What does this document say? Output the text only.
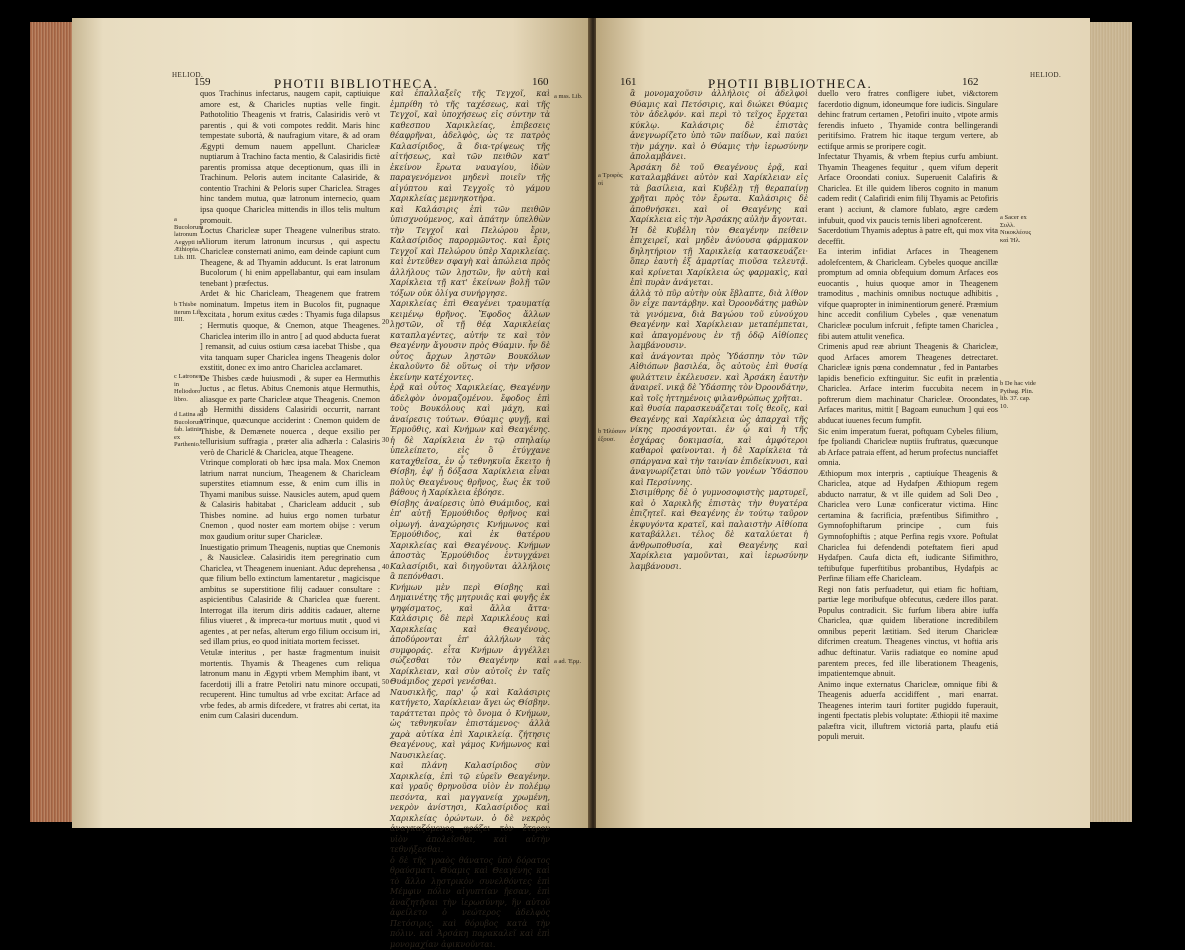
159	PHOTII BIBLIOTHECA.	160
HELIOD.
a Bucolorum latronum Aegypti in Æthiopia. Lib. IIII.
b Thisbe iterum Lib. IIII.
c Latrones in Heliodoro libro.
d Latina ad Bucolorum fab. latinis ex Parthenio.

quos Trachinus infectarus, naugem capit, captiuique amore est, & Charicles nuptias velle fingit. Pathotolitio Theagenis vt fratris, Calasiridis verò vt parentis , qui & voti compotes reddit. Maris hinc tempestate subortà, & naufragium vitare, & ad oram Ægypti demum nauem appellunt. Charicleæ nuptiarum à Trachino facta mentio, & Calasiridis fictè parentis promissa atque deceptionum, quas illi in Trachinum. Peloris autem incitante Calasiride, & contentio Trachini & Peloris super Chariclea. Strages hinc tandem mutua, quæ latronum internecio, quam ipsa quoque Chariclea mittendis in illos telis multum promouit.

Loctus Charicleæ super Theagene vulneribus strato. Aliorum iterum latronum incursus , qui aspectu Charicleæ consternati animo, eam deinde capiunt cum Theagene, & ad Thyamin adducunt. Is erat latronum Bucolorum ( hi enim appellabantur, qui eam insulam tenebant ) præfectus.

Ardet & hic Charicleam, Theagenem que fratrem nominatum. Impetus item in Bucolos fit, pugnaque excitata , horum exitus cædes : Thyamis fuga dilapsus ; Hermutis quoque, & Cnemon, atque Theagenes. Chariclea interim illo in antro [ ad quod abducta fuerat ] remansit, ad cuius ostium cæsa iacebat Thisbe , qua vita tanquam super Chariclea ingens Theagenis dolor exstitit, donec ex imo antro Chariclea acclamaret.

De Thisbes cæde huiusmodi , & super ea Hermuthis luctus , ac fletus. Abitus Cnemonis atque Hermuthis, aliasque ex parte Charicleæ atque Theagenis. Cnemon ab Hermithi dissidens Calasiridi occurrit, narrant vtrinque, quæcunque acciderint : Cnemon quidem de Thisbe, & Demænete nouerca , deque exsilio per tellurisium suffragia , præter alia adhærla : Calasiris verò de Chariclé & Chariclea, atque Theagene.

Vtrinque complorati ob hæc ipsa mala. Mox Cnemon latrium narrat nuncium, Theagenem & Charicleam superstites etiamnum esse, & enim cum illis in Thyami manibus suisse. Nausicles autem, apud quem & Calasiris habitabat , Charicleam adducit , sub Thisbes nomine. ad huius ergo nomen turbatur Cnemon , quod noster eam mortem obijse : verum mox gaudium oritur super Charicleæ.

Inuestigatio primum Theagenis, nuptias que Cnemonis , & Nausicleæ. Calasiridis item peregrinatio cum Chariclea, vt Theagenem inueniant. Aduc deprehensa , quæ filium bello extinctum lamentaretur , magicisque ambitus se superstitione filij cadauer consultare : aspicientibus Calasiride & Chariclea quæ fuerent. Interrogat illa iterum diris additis cadauer, alterne filius viueret , & impreca-tur mortuus mutit , quod vi agentes , at per nefas, alterum ergo filium occisum iri, sed illam prius, eo quod initiata mortem fecisset.

Vetulæ interitus , per hastæ fragmentum inuisit mortentis. Thyamis & Theagenes cum reliqua latronum manu in Ægypti vrbem Memphim ibant, vt facerdotij illi a fratre Petoliri natu minore occupati, recuperent. Hinc tumultus ad vrbe excitat: Arface ad vrbe fedes, ab armis difcedere, vt fratres abi certat, ita enim cum Calasiri ducendum.

20
30
40
50

καὶ ἐπαλλαξεῖς τῆς Τεγχοῖ, καὶ ἐμπρίθη τὸ τῆς ταχέσεως, καὶ τῆς Τεγχοῖ, καὶ ὑποχήσεως εἰς σύντην τὰ καθεσπου Χαρικλείας, ἐπιβεσεις θέαφρῆναι, ἀδελφὸς, ὡς τε πατρὸς Καλασίριδος, ἃ δια-τρίψεως τῆς αἰτήσεως, καὶ τῶν πειθῶν κατ' ἐκείνον ἔρωτα ναυαγίου, ἰδὼν παραγενόμενοι μηδενὶ ποιεῖν τῆς αἰγύπτου καὶ Τεγχοῖς τὸ γάμου Χαρικλείας μεμνηκοτήρα.

καὶ Καλάσιρις ἐπὶ τῶν πειθῶν ὑπισχνούμενος, καὶ ἀπάτην ὑπελθὼν τὴν Τεγχοῖ καὶ Πελώρου ἔριν, Καλασίριδος παρορμῶντος. καὶ ἔρις Τεγχοῖ καὶ Πελώρου ὑπὲρ Χαρικλείας. καὶ ἐντεῦθεν σφαγὴ καὶ ἀπώλεια πρὸς ἀλλήλους τῶν λῃστῶν, ἣν αὐτὴ καὶ Χαρίκλεια τῇ κατ' ἐκείνων βολῇ τῶν τόξων οὐκ ὀλίγα συνήργησε.

Χαρικλείας ἐπὶ Θεαγένει τραυματίᾳ κειμένῳ θρῆνος. Ἔφοδος ἄλλων λῃστῶν, οἳ τῇ θέᾳ Χαρικλείας καταπλαγέντες, αὐτήν τε καὶ τὸν Θεαγένην ἄγουσιν πρὸς Θύαμιν. ἦν δὲ οὗτος ἄρχων λῃστῶν Βουκόλων ἐκαλοῦντο δὲ οὕτως οἱ τὴν νῆσον ἐκείνην κατέχοντες.

ἐρᾷ καὶ οὗτος Χαρικλείας, Θεαγένην ἀδελφὸν ὀνομαζομένου. ἔφοδος ἐπὶ τοὺς Βουκόλους καὶ μάχη, καὶ ἀναίρεσις τούτων. Θύαμις φυγῇ, καὶ Ἐρμοῦθις, καὶ Κνήμων καὶ Θεαγένης. ἡ δὲ Χαρίκλεια ἐν τῷ σπηλαίῳ ὑπελείπετο, εἰς ὃ ἐτύγχανε καταχθεῖσα, ἐν ᾧ τεθνηκυῖα ἔκειτο ἡ Θίσβη, ἐφ' ᾗ δόξασα Χαρίκλεια εἶναι πολὺς Θεαγένους θρῆνος, ἕως ἐκ τοῦ βάθους ἡ Χαρίκλεια ἐβόησε.

Θίσβης ἀναίρεσις ὑπὸ Θυάμιδος, καὶ ἐπ' αὐτῇ Ἐρμούθιδος θρῆνος καὶ οἰμωγή. ἀναχώρησις Κνήμωνος καὶ Ἐρμούθιδος, καὶ ἐκ θατέρου Χαρικλείας καὶ Θεαγένους. Κνήμων ἀποστὰς Ἐρμούθιδος ἐντυγχάνει Καλασίριδι, καὶ διηγοῦνται ἀλλήλοις ἃ πεπόνθασι.

Κνήμων μὲν περὶ Θίσβης καὶ Δημαινέτης τῆς μητρυιᾶς καὶ φυγῆς ἐκ ψηφίσματος, καὶ ἄλλα ἄττα· Καλάσιρις δὲ περὶ Χαρικλέους καὶ Χαρικλείας καὶ Θεαγένους. ἀποδύρονται ἐπ' ἀλλήλων τὰς συμφοράς. εἶτα Κνήμων ἀγγέλλει σώζεσθαι τὸν Θεαγένην καὶ Χαρίκλειαν, καὶ σὺν αὐτοῖς ἐν ταῖς Θυάμιδος χερσὶ γενέσθαι.

Ναυσικλῆς, παρ' ᾧ καὶ Καλάσιρις κατήγετο, Χαρίκλειαν ἄγει ὡς Θίσβην. ταράττεται πρὸς τὸ ὄνομα ὁ Κνήμων, ὡς τεθνηκυῖαν ἐπιστάμενος· ἀλλὰ χαρὰ αὐτίκα ἐπὶ Χαρικλείᾳ. ζήτησις Θεαγένους, καὶ γάμος Κνήμωνος καὶ Ναυσικλείας.

καὶ πλάνη Καλασίριδος σὺν Χαρικλείᾳ, ἐπὶ τῷ εὑρεῖν Θεαγένην. καὶ γραῦς θρηνοῦσα υἱὸν ἐν πολέμῳ πεσόντα, καὶ μαγγανείᾳ χρωμένη, νεκρὸν ἀνίστησι, Καλασίριδος καὶ Χαρικλείας ὁρώντων. ὁ δὲ νεκρὸς ἀναγκαζόμενος φράζει τὸν ἕτερον υἱὸν ἀπολεῖσθαι, καὶ αὐτὴν τεθνήξεσθαι.

ὁ δὲ τῆς γραὸς θάνατος ὑπὸ δόρατος θραύσματι. Θύαμις καὶ Θεαγένης καὶ τὸ ἄλλο λῃστρικὸν συνελθόντες ἐπὶ Μέμφιν πόλιν αἰγυπτίαν ᾔεσαν, ἐπὶ ἀναζητῆσαι τὴν ἱερωσύνην, ἣν αὐτοῦ ἀφείλετο ὁ νεώτερος ἀδελφὸς Πετόσιρις. καὶ θόρυβος κατὰ τὴν πόλιν. καὶ Ἀρσάκη παρακαλεῖ καὶ ἐπὶ μονομαχίαν ἀφικνοῦνται.

a mss. Lib.
a ad. Ἐρμ.
161	PHOTII BIBLIOTHECA.	162
a Τροφὸς οἱ
b Ἠλύσιον ἐξουσ.

ἃ μονομαχοῦσιν ἀλλήλοις οἱ ἀδελφοὶ Θύαμις καὶ Πετόσιρις, καὶ διώκει Θύαμις τὸν ἀδελφόν. καὶ περὶ τὸ τεῖχος ἔρχεται κύκλῳ. Καλάσιρις δὲ ἐπιστὰς ἀνεγνωρίζετο ὑπὸ τῶν παίδων, καὶ παύει τὴν μάχην. καὶ ὁ Θύαμις τὴν ἱερωσύνην ἀπολαμβάνει.

Ἀρσάκη δὲ τοῦ Θεαγένους ἐρᾷ, καὶ καταλαμβάνει αὐτὸν καὶ Χαρίκλειαν εἰς τὰ βασίλεια, καὶ Κυβέλῃ τῇ θεραπαίνῃ χρῆται πρὸς τὸν ἔρωτα. Καλάσιρις δὲ ἀποθνήσκει. καὶ οἱ Θεαγένης καὶ Χαρίκλεια εἰς τὴν Ἀρσάκης αὐλὴν ἄγονται.

Ἡ δὲ Κυβέλη τὸν Θεαγένην πείθειν ἐπιχειρεῖ, καὶ μηδὲν ἀνύουσα φάρμακον δηλητήριον τῇ Χαρικλείᾳ κατασκευάζει· ὅπερ ἑαυτὴ ἐξ ἁμαρτίας πιοῦσα τελευτᾷ. καὶ κρίνεται Χαρίκλεια ὡς φαρμακὶς, καὶ ἐπὶ πυρὰν ἀνάγεται.

ἀλλὰ τὸ πῦρ αὐτὴν οὐκ ἔβλαπτε, διὰ λίθον ὃν εἶχε παντάρβην. καὶ Ὀροονδάτης μαθὼν τὰ γινόμενα, διὰ Βαγώου τοῦ εὐνούχου Θεαγένην καὶ Χαρίκλειαν μεταπέμπεται, καὶ ἀπαγομένους ἐν τῇ ὁδῷ Αἰθίοπες λαμβάνουσιν.

καὶ ἀνάγονται πρὸς Ὑδάσπην τὸν τῶν Αἰθιόπων βασιλέα, ὃς αὐτοὺς ἐπὶ θυσίᾳ φυλάττειν ἐκέλευσεν. καὶ Ἀρσάκη ἑαυτὴν ἀναιρεῖ. νικᾷ δὲ Ὑδάσπης τὸν Ὀροονδάτην, καὶ τοῖς ἡττημένοις φιλανθρώπως χρῆται.

καὶ θυσία παρασκευάζεται τοῖς θεοῖς, καὶ Θεαγένης καὶ Χαρίκλεια ὡς ἀπαρχαὶ τῆς νίκης προσάγονται. ἐν ᾧ καὶ ἡ τῆς ἐσχάρας δοκιμασία, καὶ ἀμφότεροι καθαροὶ φαίνονται. ἡ δὲ Χαρίκλεια τὰ σπάργανα καὶ τὴν ταινίαν ἐπιδείκνυσι, καὶ ἀναγνωρίζεται ὑπὸ τῶν γονέων Ὑδάσπου καὶ Περσίννης.

Σισιμίθρης δὲ ὁ γυμνοσοφιστὴς μαρτυρεῖ, καὶ ὁ Χαρικλῆς ἐπιστὰς τὴν θυγατέρα ἐπιζητεῖ. καὶ Θεαγένης ἐν τούτῳ ταῦρον ἐκφυγόντα κρατεῖ, καὶ παλαιστὴν Αἰθίοπα καταβάλλει. τέλος δὲ καταλύεται ἡ ἀνθρωποθυσία, καὶ Θεαγένης καὶ Χαρίκλεια γαμοῦνται, καὶ ἱερωσύνην λαμβάνουσι.

duello vero fratres confligere iubet, vi&ctorem facerdotio dignum, idoneumque fore iudicis. Singulare dehinc fratrum certamen , Petofiri inuito , vtpote armis ferendis infueto , Thyamide contra bellingerandi peritifsimo. Fratrem hic itaque tergum vertere, ab ectifque armis se proripere cogit.

Infectatur Thyamis, & vrbem ftepius curfu ambiunt. Thyamin Theagenes fequitur , quem vifum deperit Arface Oroondati coniux. Superuenit Calafiris & Chariclea. Et ille quidem liberos cognito in manum cadem redit ( Calafiridi enim filij Thyamis ac Petofiris erant ) acciunt, & clamore fublato, ægre cædem infubuit, quod vix paucis ternis liberi agnofcerent.

Sacerdotium Thyamis adeptus à patre eft, qui mox vita deceffit.

Ea interim infidiat Arfaces in Theagenem adolefcentem, & Charicleam. Cybeles quoque ancillæ promptum ad omnia obfequium domum Arfaces eos euocantis , huius quoque amor in Theagenem tramoditus , machinis omnibus noctuque adhibitis , vifque quapropter in iniminentiorum generé. Præmium hinc accedit confilium Cybeles , quæ venenatum Charicleæ poculum infcruit , fefipte tamen Chariclea , fibi autem attulit venefica.

Crimenis apud reæ abriunt Theagenis & Charicleæ, quod Arfaces amorem Theagenes detrectaret. Charicleæ ignis pœna condemnatur , fed in Pantarbes lapidis beneficio exftinguitur. Sic eufit in prælentia Chariclea. Arface interim fuccubita necem in poftrerum diem machinatur Charicleæ. Oroondates, Arfaces maritus, mittit [ Bagoam eunuchum ] qui eos abducat iuuenes fecum fumpfit.

Sic enim imperatum fuerat, poftquam Cybeles filium, fpe fpoliandi Charicleæ nuptiis fruftratus, quæcunque ab Arface patraia effent, ad herum profectus nunciaffet omnia.

Æthiopum mox interpris , captiuíque Theagenis & Chariclea, atque ad Hydafpen Æthiopum regem abducto narratur, & vt ille quidem ad Soli Deo , Chariclea vero Lunæ conficeratur victima. Hinc certamina & facrificia, præfentibus Sifimithro , Gymnofophiftarum principe , cum fuis Gymnofophiftis ; atque Perfina regis vxore. Poftulat Chariclea fui defendendi poteftatem fieri apud Hydafpen. Caufa dicta eft, iudicante Sifimithro, teftibufque fuperftitibus probantibus, Hydafpis ac Perfinæ filiam effe Charicleam.

Regi non fatis perfuadetur, qui etiam fic hoftiam, partiæ lege moribufque obfecutus, cædere illos parat. Populus contradicit. Sic furfum libera abire iuffa Chariclea, quæ quidem liberatione incredibilem omnibus peperit lætitiam. Sed iterum Charicleæ difcrimen creatum. Theagenes vinctus, vt hoftia aris adhuc deftinatur. Variis radiatque eo nomine apud parentem preces, fed ille liberationem Theagenis, impatientemque abnuit.

Animo inque externatus Charicleæ, omnique fibi & Theagenis aduerfa accidiffent , mari enarrat. Theagenes interim tauri fortiter pugiddo fuperauit, ingenti fpectatis plebis voluptate: Æthiopii itê maxime palæftra vicit, illuftrem victoriá parta, plaufu etiá populi meruit.

HELIOD.
a Sacer ex Συλλ. Νικοκλέους καὶ Ἡλ.
b De hac vide Pythag. Plin. lib. 37. cap. 10.
